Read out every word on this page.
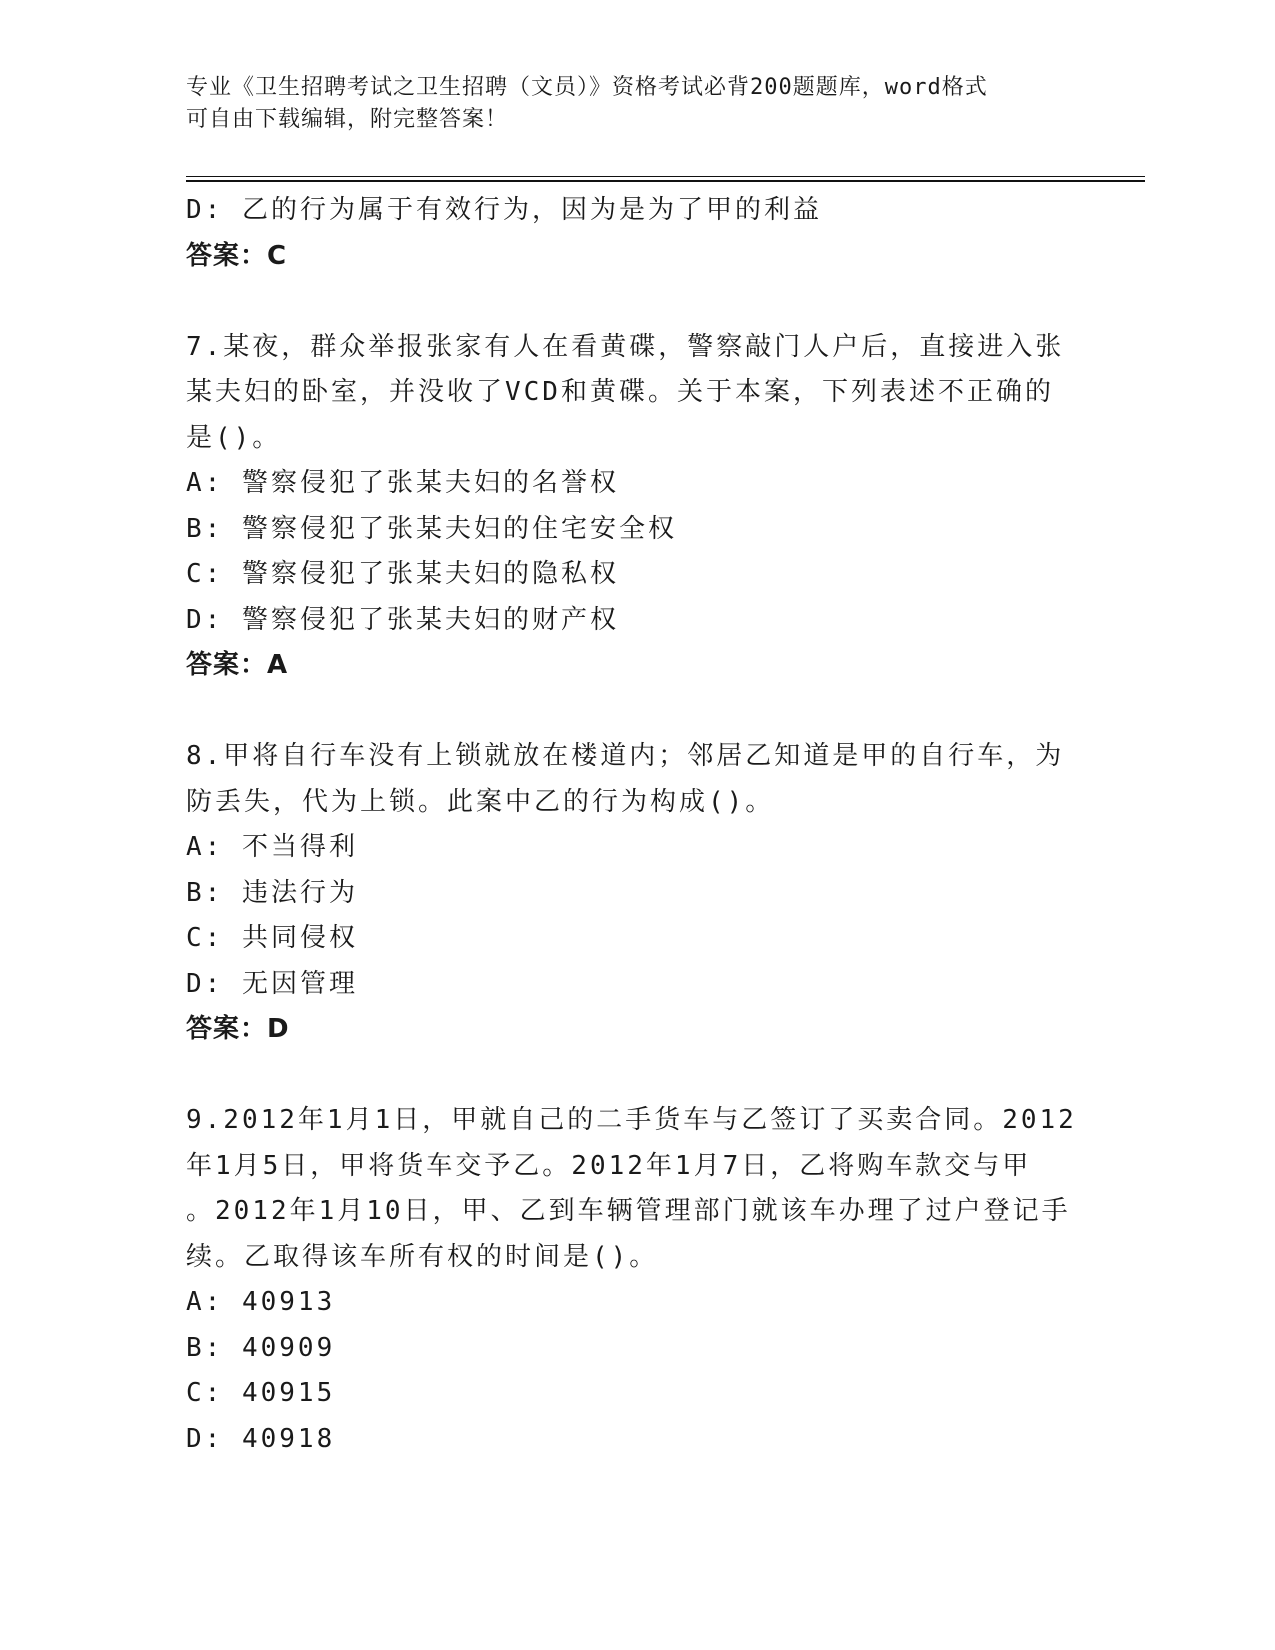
专业《卫生招聘考试之卫生招聘（文员）》资格考试必背200题题库，word格式
可自由下载编辑，附完整答案！
D: 乙的行为属于有效行为，因为是为了甲的利益
答案：C
7.某夜，群众举报张家有人在看黄碟，警察敲门人户后，直接进入张
某夫妇的卧室，并没收了VCD和黄碟。关于本案，下列表述不正确的
是()。
A: 警察侵犯了张某夫妇的名誉权
B: 警察侵犯了张某夫妇的住宅安全权
C: 警察侵犯了张某夫妇的隐私权
D: 警察侵犯了张某夫妇的财产权
答案：A
8.甲将自行车没有上锁就放在楼道内；邻居乙知道是甲的自行车，为
防丢失，代为上锁。此案中乙的行为构成()。
A: 不当得利
B: 违法行为
C: 共同侵权
D: 无因管理
答案：D
9.2012年1月1日，甲就自己的二手货车与乙签订了买卖合同。2012
年1月5日，甲将货车交予乙。2012年1月7日，乙将购车款交与甲
。2012年1月10日，甲、乙到车辆管理部门就该车办理了过户登记手
续。乙取得该车所有权的时间是()。
A: 40913
B: 40909
C: 40915
D: 40918
